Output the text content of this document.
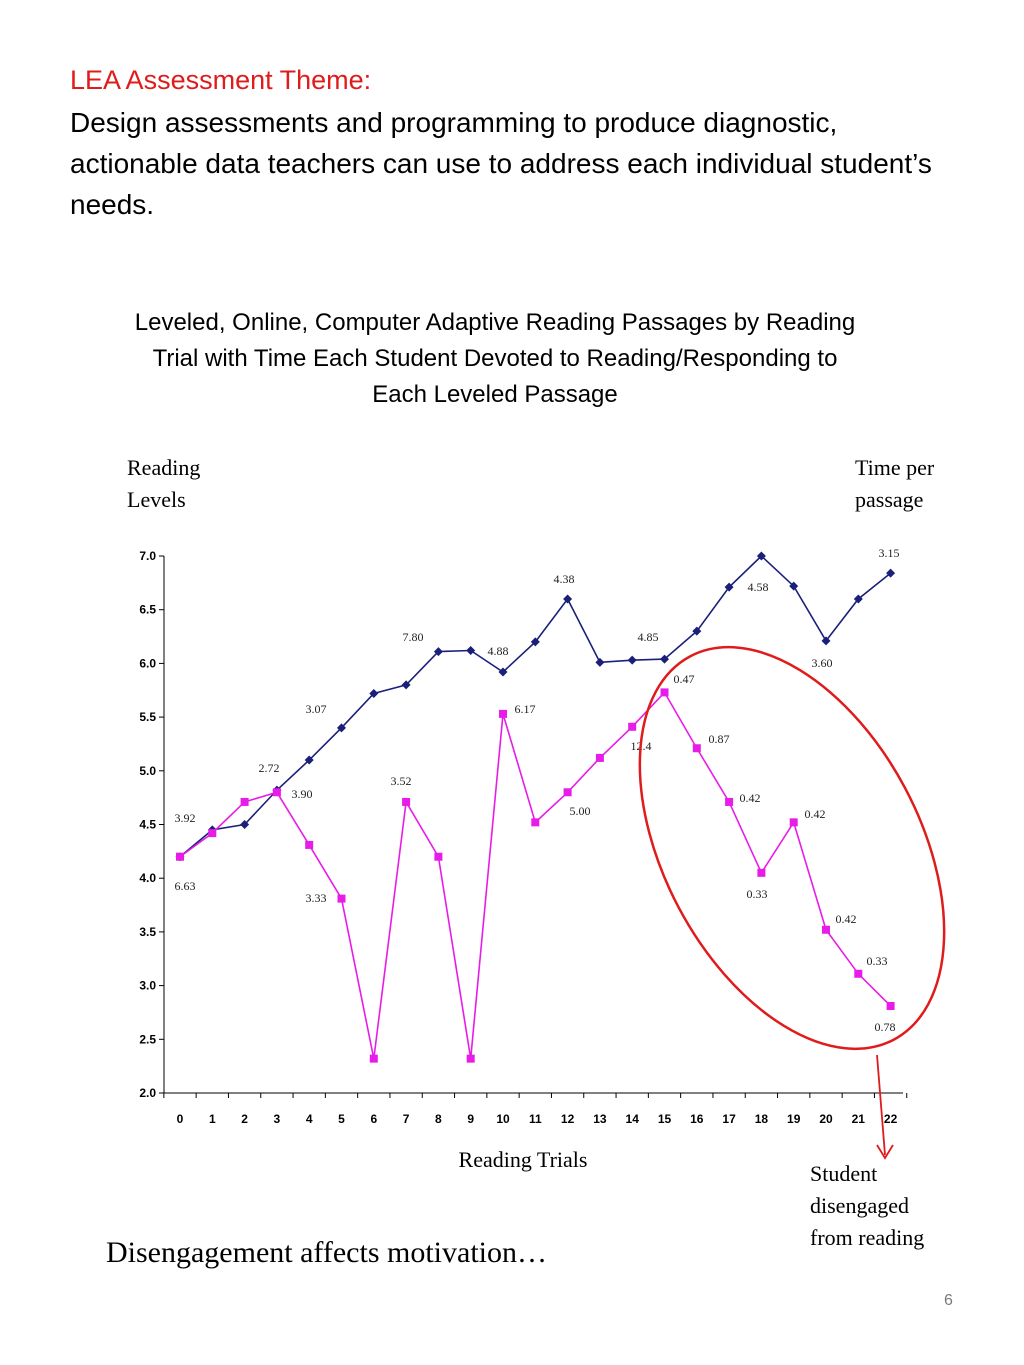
LEA Assessment Theme:
Design assessments and programming to produce diagnostic, actionable data teachers can use to address each individual student’s needs.
Leveled, Online, Computer Adaptive Reading Passages by Reading Trial with Time Each Student Devoted to Reading/Responding to Each Leveled Passage
Reading Levels
Time per passage
2.0
2.5
3.0
3.5
4.0
4.5
5.0
5.5
6.0
6.5
7.0
0 1 2 3 4 5 6 7 8 9 10 11 12 13 14 15 16 17 18 19 20 21 22
3.92
6.63
2.72
3.90
3.07
3.33
7.80
3.52
4.88
6.17
4.38
5.00
12.4
4.85
0.47
0.87
0.42
4.58
0.33
0.42
3.60
0.42
0.33
3.15
0.78
Reading Trials
Student disengaged from reading
Disengagement affects motivation…
6
